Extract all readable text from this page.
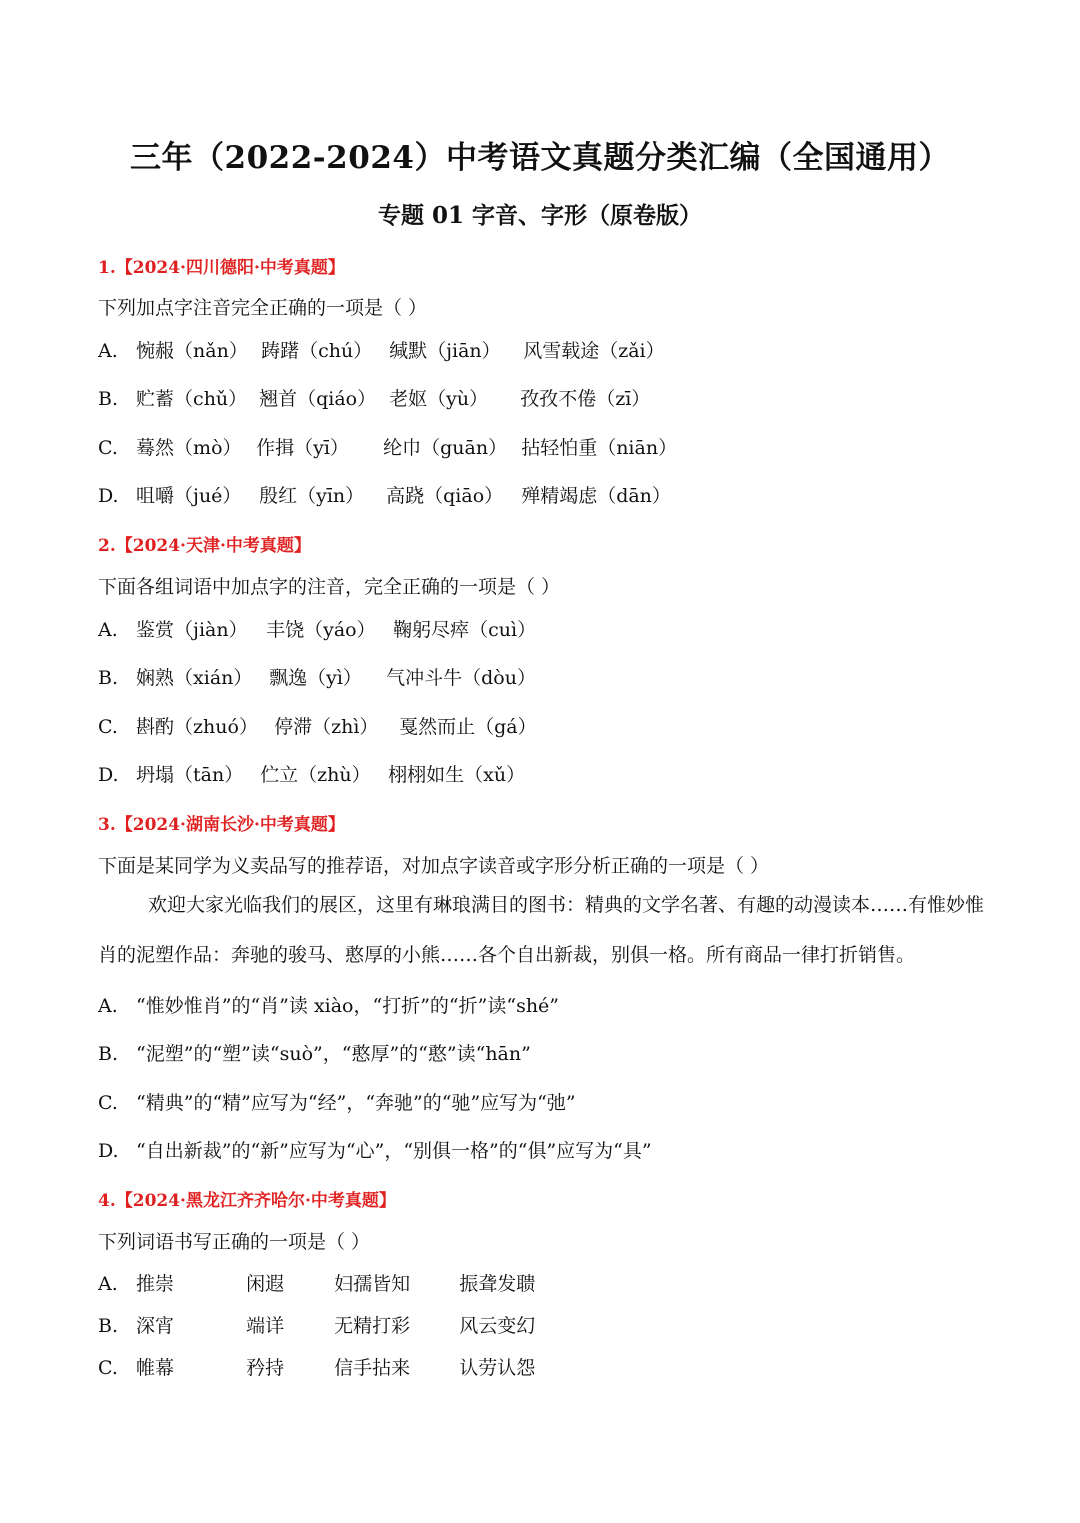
三年（2022-2024）中考语文真题分类汇编（全国通用）
专题 01 字音、字形（原卷版）
1.【2024·四川德阳·中考真题】
下列加点字注音完全正确的一项是（ ）
A. 惋赧（nǎn） 踌躇（chú） 缄默（jiān） 风雪载途（zǎi）
B. 贮蓄（chǔ） 翘首（qiáo） 老妪（yù） 孜孜不倦（zī）
C. 蓦然（mò） 作揖（yī） 纶巾（guān） 拈轻怕重（niān）
D. 咀嚼（jué） 殷红（yīn） 高跷（qiāo） 殚精竭虑（dān）
2.【2024·天津·中考真题】
下面各组词语中加点字的注音，完全正确的一项是（ ）
A. 鉴赏（jiàn） 丰饶（yáo） 鞠躬尽瘁（cuì）
B. 娴熟（xián） 飘逸（yì） 气冲斗牛（dòu）
C. 斟酌（zhuó） 停滞（zhì） 戛然而止（gá）
D. 坍塌（tān） 伫立（zhù） 栩栩如生（xǔ）
3.【2024·湖南长沙·中考真题】
下面是某同学为义卖品写的推荐语，对加点字读音或字形分析正确的一项是（ ）
欢迎大家光临我们的展区，这里有琳琅满目的图书：精典的文学名著、有趣的动漫读本……有惟妙惟肖的泥塑作品：奔驰的骏马、憨厚的小熊……各个自出新裁，别俱一格。所有商品一律打折销售。
A. “惟妙惟肖”的“肖”读 xiào，“打折”的“折”读“shé”
B. “泥塑”的“塑”读“suò”，“憨厚”的“憨”读“hān”
C. “精典”的“精”应写为“经”，“奔驰”的“驰”应写为“弛”
D. “自出新裁”的“新”应写为“心”，“别俱一格”的“俱”应写为“具”
4.【2024·黑龙江齐齐哈尔·中考真题】
下列词语书写正确的一项是（ ）
A. 推崇	闲遐	妇孺皆知	振聋发聩
B. 深宵	端详	无精打彩	风云变幻
C. 帷幕	矜持	信手拈来	认劳认怨
